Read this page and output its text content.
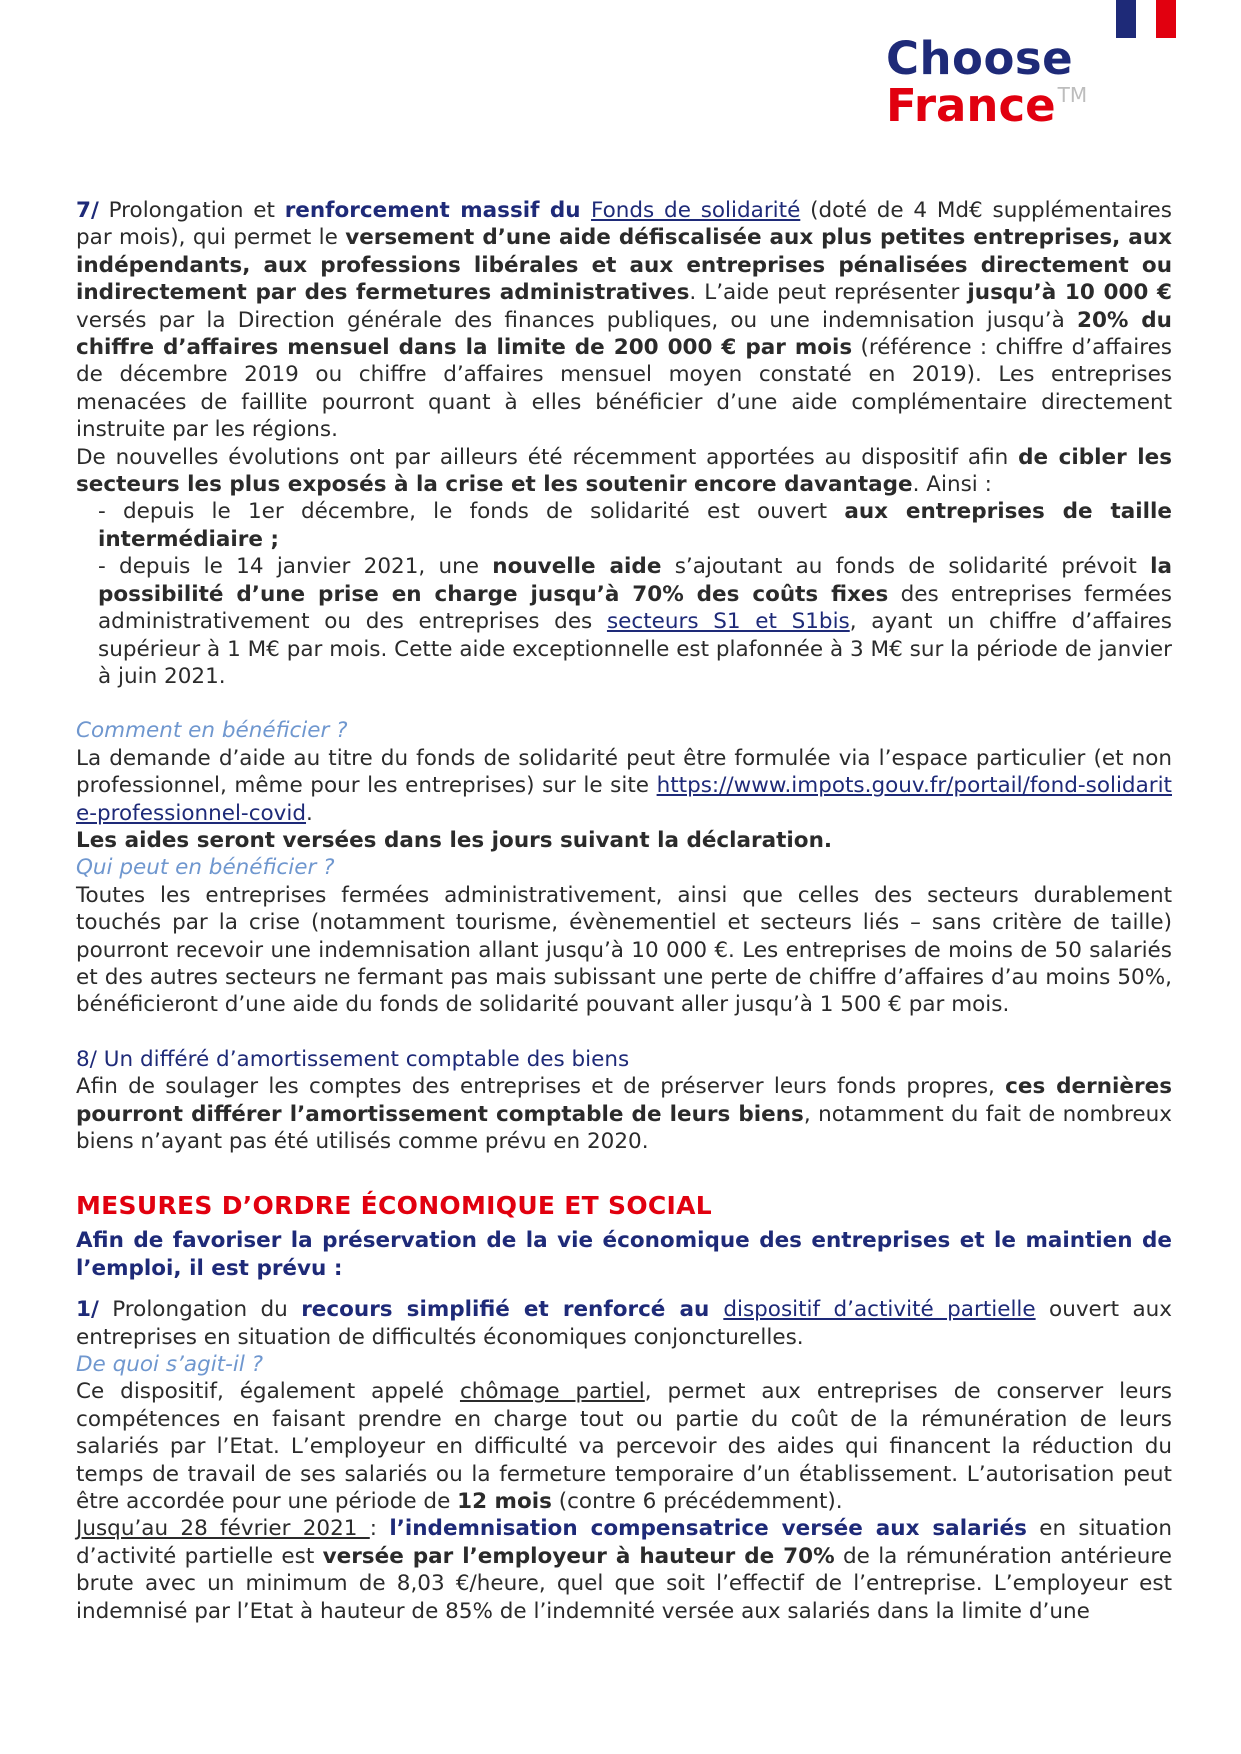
Choose
France ™

7/ Prolongation et renforcement massif du Fonds de solidarité (doté de 4 Md€ supplémentaires par mois), qui permet le versement d’une aide défiscalisée aux plus petites entreprises, aux indépendants, aux professions libérales et aux entreprises pénalisées directement ou indirectement par des fermetures administratives. L’aide peut représenter jusqu’à 10 000 € versés par la Direction générale des finances publiques, ou une indemnisation jusqu’à 20% du chiffre d’affaires mensuel dans la limite de 200 000 € par mois (référence : chiffre d’affaires de décembre 2019 ou chiffre d’affaires mensuel moyen constaté en 2019). Les entreprises menacées de faillite pourront quant à elles bénéficier d’une aide complémentaire directement instruite par les régions.

De nouvelles évolutions ont par ailleurs été récemment apportées au dispositif afin de cibler les secteurs les plus exposés à la crise et les soutenir encore davantage. Ainsi :

- depuis le 1er décembre, le fonds de solidarité est ouvert aux entreprises de taille intermédiaire ;

- depuis le 14 janvier 2021, une nouvelle aide s’ajoutant au fonds de solidarité prévoit la possibilité d’une prise en charge jusqu’à 70% des coûts fixes des entreprises fermées administrativement ou des entreprises des secteurs S1 et S1bis, ayant un chiffre d’affaires supérieur à 1 M€ par mois. Cette aide exceptionnelle est plafonnée à 3 M€ sur la période de janvier à juin 2021.

Comment en bénéficier ?

La demande d’aide au titre du fonds de solidarité peut être formulée via l’espace particulier (et non professionnel, même pour les entreprises) sur le site https://www.impots.gouv.fr/portail/fond-solidarite-professionnel-covid.

Les aides seront versées dans les jours suivant la déclaration.

Qui peut en bénéficier ?

Toutes les entreprises fermées administrativement, ainsi que celles des secteurs durablement touchés par la crise (notamment tourisme, évènementiel et secteurs liés – sans critère de taille) pourront recevoir une indemnisation allant jusqu’à 10 000 €. Les entreprises de moins de 50 salariés et des autres secteurs ne fermant pas mais subissant une perte de chiffre d’affaires d’au moins 50%, bénéficieront d’une aide du fonds de solidarité pouvant aller jusqu’à 1 500 € par mois.

8/ Un différé d’amortissement comptable des biens

Afin de soulager les comptes des entreprises et de préserver leurs fonds propres, ces dernières pourront différer l’amortissement comptable de leurs biens, notamment du fait de nombreux biens n’ayant pas été utilisés comme prévu en 2020.

MESURES D’ORDRE ÉCONOMIQUE ET SOCIAL

Afin de favoriser la préservation de la vie économique des entreprises et le maintien de l’emploi, il est prévu :

1/ Prolongation du recours simplifié et renforcé au dispositif d’activité partielle ouvert aux entreprises en situation de difficultés économiques conjoncturelles.

De quoi s’agit-il ?

Ce dispositif, également appelé chômage partiel, permet aux entreprises de conserver leurs compétences en faisant prendre en charge tout ou partie du coût de la rémunération de leurs salariés par l’Etat. L’employeur en difficulté va percevoir des aides qui financent la réduction du temps de travail de ses salariés ou la fermeture temporaire d’un établissement. L’autorisation peut être accordée pour une période de 12 mois (contre 6 précédemment).

Jusqu’au 28 février 2021 : l’indemnisation compensatrice versée aux salariés en situation d’activité partielle est versée par l’employeur à hauteur de 70% de la rémunération antérieure brute avec un minimum de 8,03 €/heure, quel que soit l’effectif de l’entreprise. L’employeur est indemnisé par l’Etat à hauteur de 85% de l’indemnité versée aux salariés dans la limite d’une
